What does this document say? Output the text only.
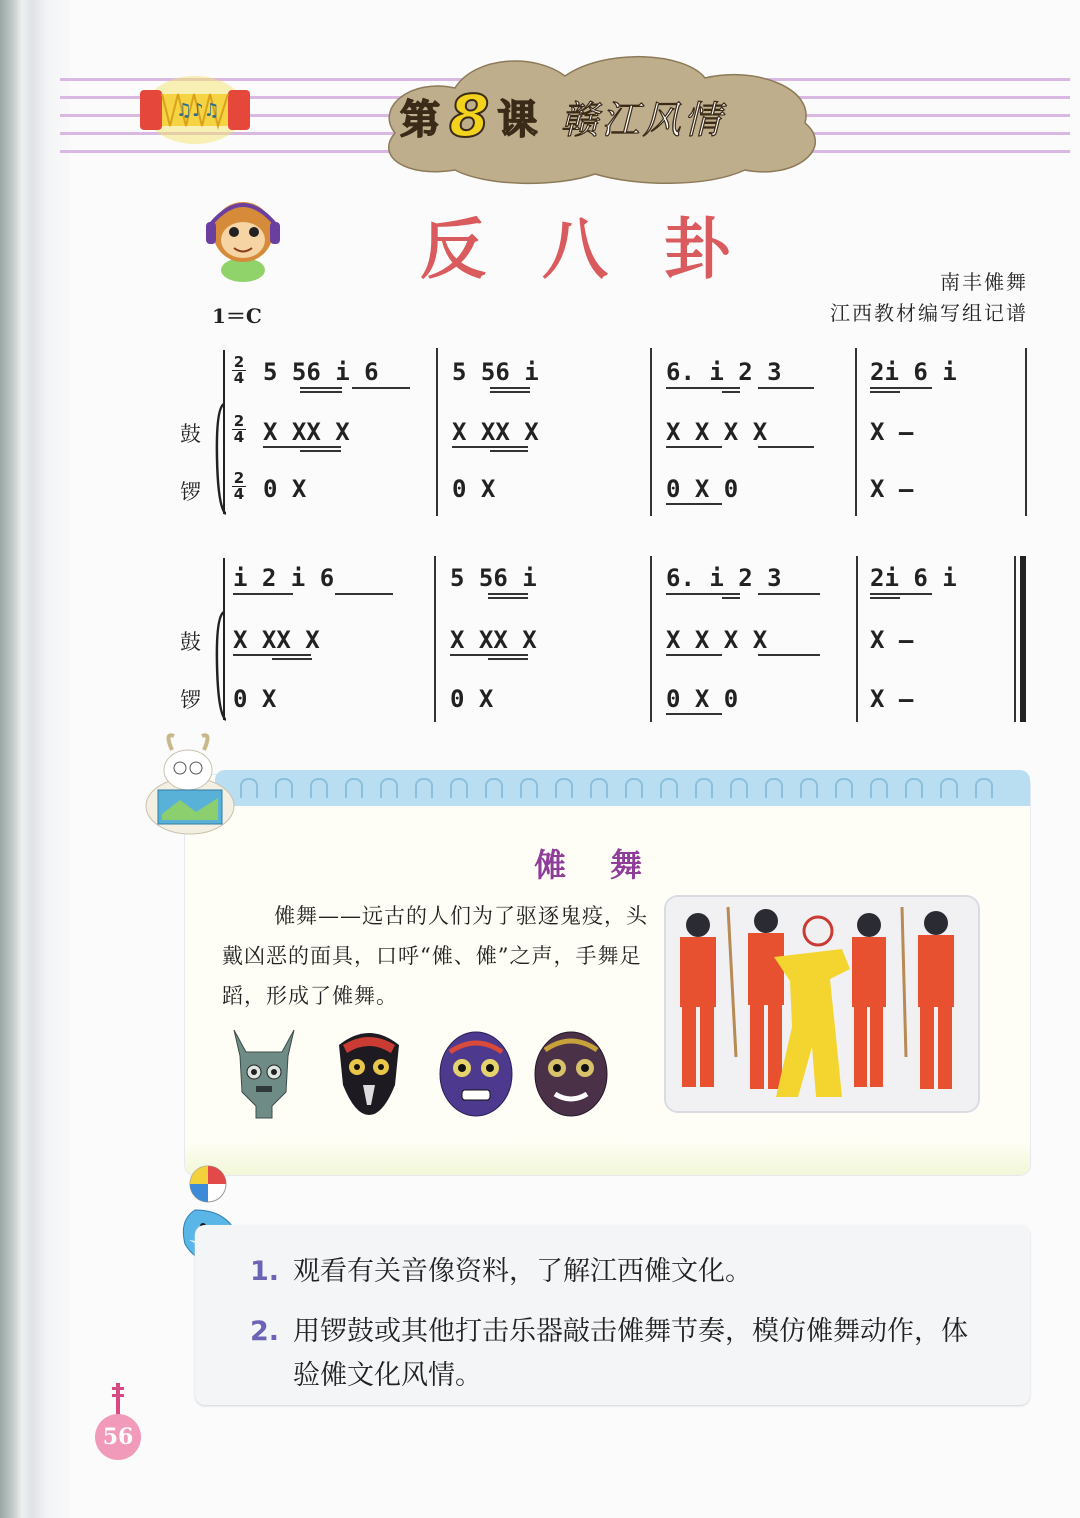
♫♪♫	第 8 课 赣江风情
反八卦	南丰傩舞
江西教材编写组记谱
1＝C
2
4
2
4
2
4
鼓
锣
5 56 i 6	5 56 i	6. i 2 3	2i 6 i
X XX X	X XX X	X X X X	X –
0 X	0 X	0 X 0	X –
鼓
锣
i 2 i 6	5 56 i	6. i 2 3	2i 6 i
X XX X	X XX X	X X X X	X –
0 X	0 X	0 X 0	X –
傩舞
傩舞——远古的人们为了驱逐鬼疫，头戴凶恶的面具，口呼“傩、傩”之声，手舞足蹈，形成了傩舞。
1. 观看有关音像资料，了解江西傩文化。
2. 用锣鼓或其他打击乐器敲击傩舞节奏，模仿傩舞动作，体验傩文化风情。
56
